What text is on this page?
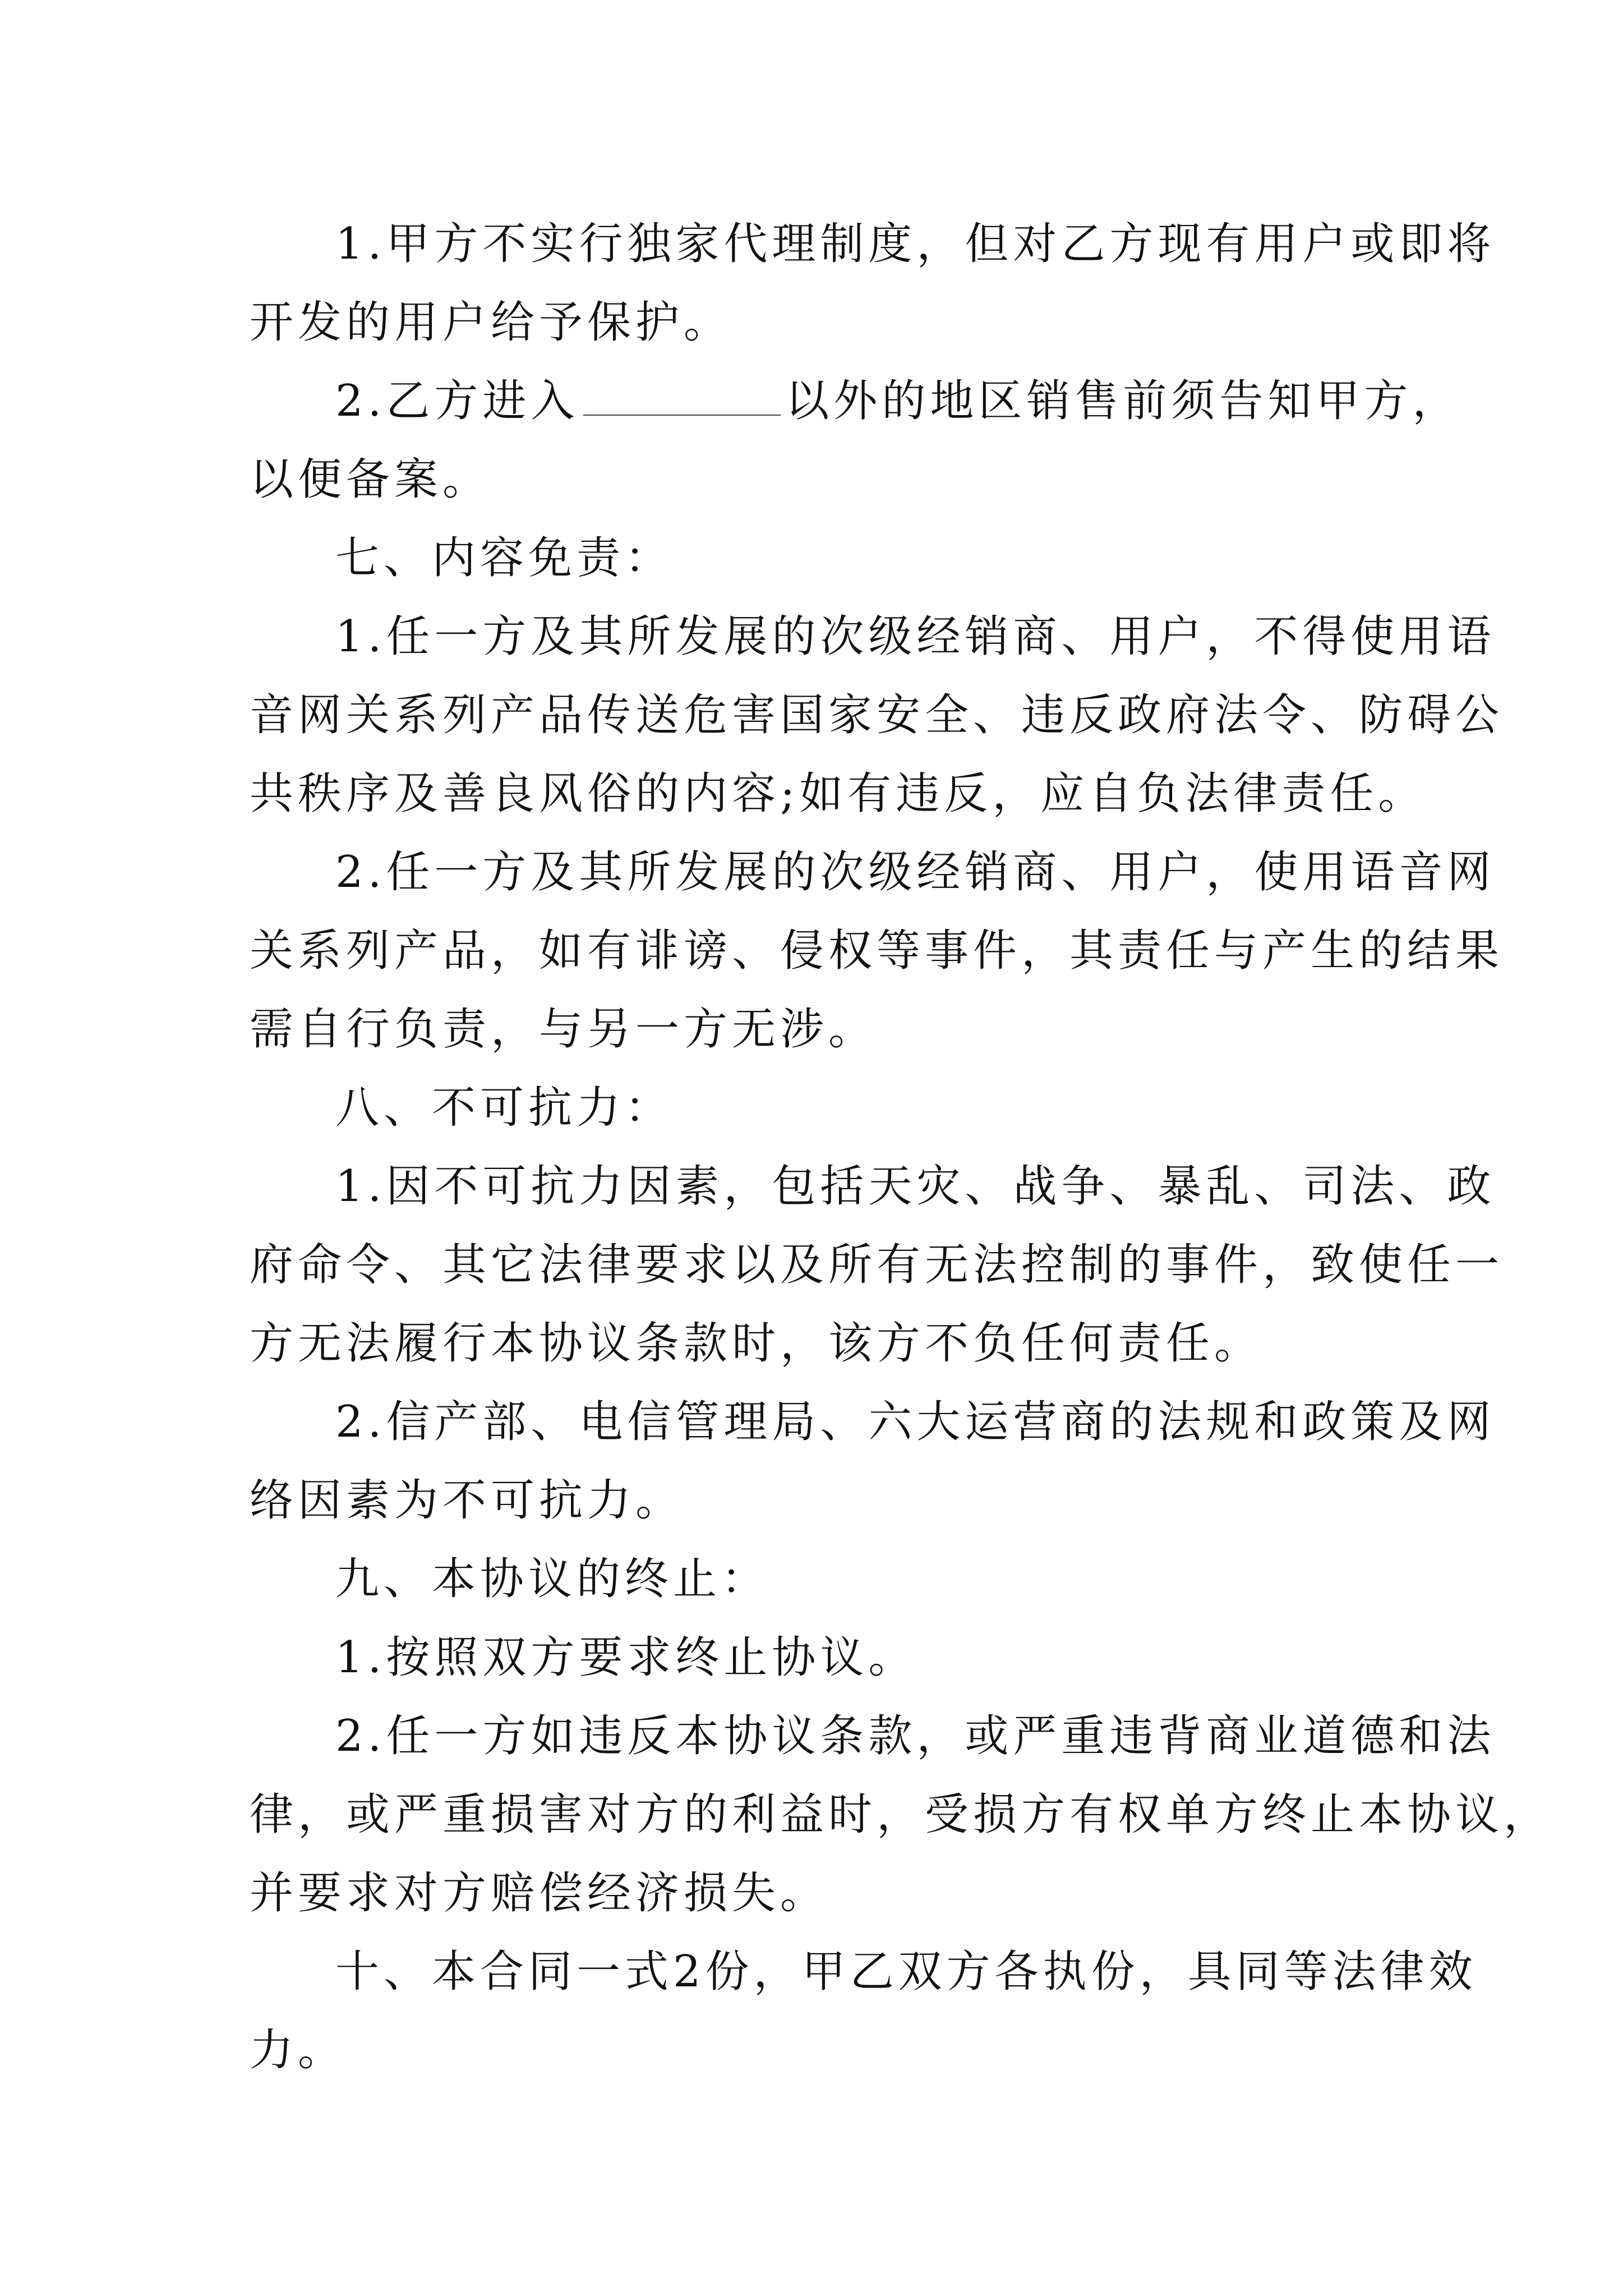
1.甲方不实行独家代理制度，但对乙方现有用户或即将
开发的用户给予保护。
2.乙方进入	以外的地区销售前须告知甲方，
以便备案。
七、内容免责：
1.任一方及其所发展的次级经销商、用户，不得使用语
音网关系列产品传送危害国家安全、违反政府法令、防碍公
共秩序及善良风俗的内容;如有违反，应自负法律责任。
2.任一方及其所发展的次级经销商、用户，使用语音网
关系列产品，如有诽谤、侵权等事件，其责任与产生的结果
需自行负责，与另一方无涉。
八、不可抗力：
1.因不可抗力因素，包括天灾、战争、暴乱、司法、政
府命令、其它法律要求以及所有无法控制的事件，致使任一
方无法履行本协议条款时，该方不负任何责任。
2.信产部、电信管理局、六大运营商的法规和政策及网
络因素为不可抗力。
九、本协议的终止：
1.按照双方要求终止协议。
2.任一方如违反本协议条款，或严重违背商业道德和法
律，或严重损害对方的利益时，受损方有权单方终止本协议，
并要求对方赔偿经济损失。
十、本合同一式2份，甲乙双方各执份，具同等法律效
力。
